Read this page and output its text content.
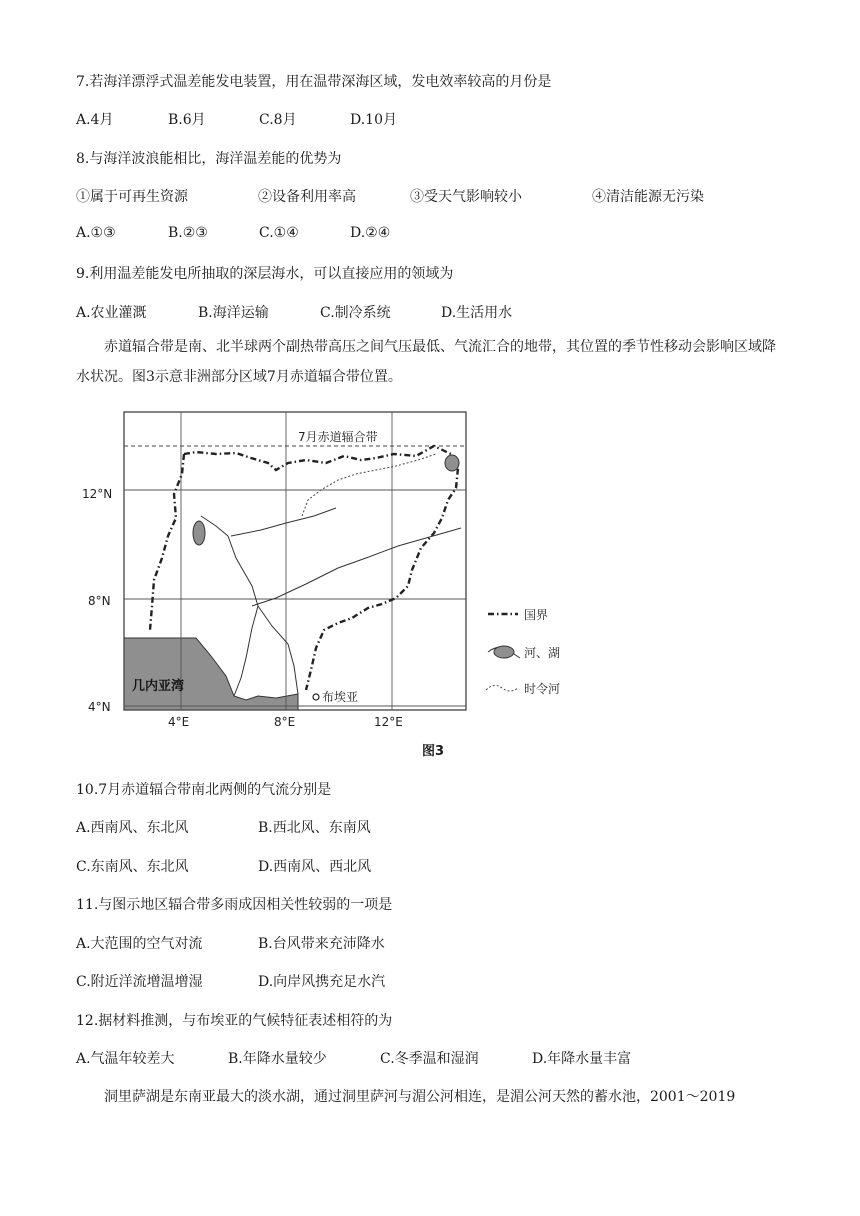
7.若海洋漂浮式温差能发电装置，用在温带深海区域，发电效率较高的月份是
A.4月	B.6月	C.8月	D.10月
8.与海洋波浪能相比，海洋温差能的优势为
①属于可再生资源	②设备利用率高	③受天气影响较小	④清洁能源无污染
A.①③	B.②③	C.①④	D.②④
9.利用温差能发电所抽取的深层海水，可以直接应用的领域为
A.农业灌溉	B.海洋运输	C.制冷系统	D.生活用水
赤道辐合带是南、北半球两个副热带高压之间气压最低、气流汇合的地带，其位置的季节性移动会影响区域降水状况。图3示意非洲部分区域7月赤道辐合带位置。
7月赤道辐合带
布埃亚
几内亚湾
12°N
8°N
4°N
4°E	8°E	12°E
国界
河、湖
时令河
图3
10.7月赤道辐合带南北两侧的气流分别是
A.西南风、东北风	B.西北风、东南风
C.东南风、东北风	D.西南风、西北风
11.与图示地区辐合带多雨成因相关性较弱的一项是
A.大范围的空气对流	B.台风带来充沛降水
C.附近洋流增温增湿	D.向岸风携充足水汽
12.据材料推测，与布埃亚的气候特征表述相符的为
A.气温年较差大	B.年降水量较少	C.冬季温和湿润	D.年降水量丰富
洞里萨湖是东南亚最大的淡水湖，通过洞里萨河与湄公河相连，是湄公河天然的蓄水池，2001～2019
